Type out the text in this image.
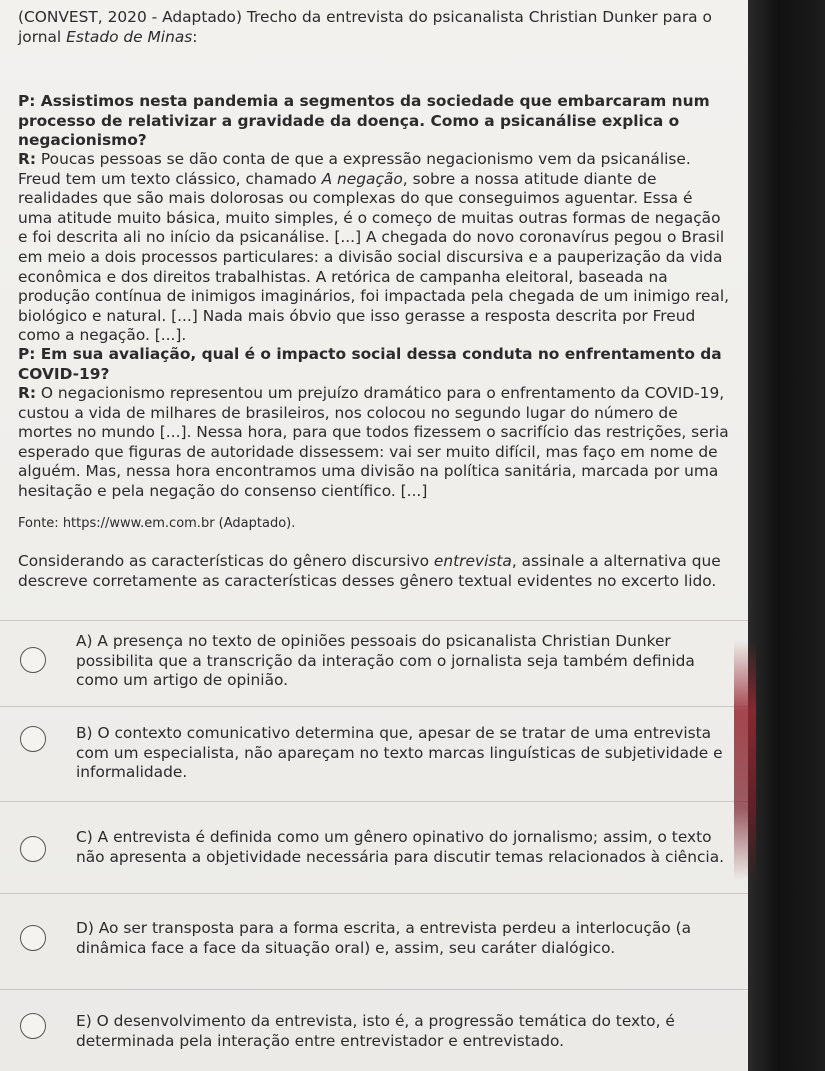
(CONVEST, 2020 - Adaptado) Trecho da entrevista do psicanalista Christian Dunker para o jornal Estado de Minas:
P: Assistimos nesta pandemia a segmentos da sociedade que embarcaram num processo de relativizar a gravidade da doença. Como a psicanálise explica o negacionismo?
R: Poucas pessoas se dão conta de que a expressão negacionismo vem da psicanálise. Freud tem um texto clássico, chamado A negação, sobre a nossa atitude diante de realidades que são mais dolorosas ou complexas do que conseguimos aguentar. Essa é uma atitude muito básica, muito simples, é o começo de muitas outras formas de negação e foi descrita ali no início da psicanálise. [...] A chegada do novo coronavírus pegou o Brasil em meio a dois processos particulares: a divisão social discursiva e a pauperização da vida econômica e dos direitos trabalhistas. A retórica de campanha eleitoral, baseada na produção contínua de inimigos imaginários, foi impactada pela chegada de um inimigo real, biológico e natural. [...] Nada mais óbvio que isso gerasse a resposta descrita por Freud como a negação. [...].
P: Em sua avaliação, qual é o impacto social dessa conduta no enfrentamento da COVID-19?
R: O negacionismo representou um prejuízo dramático para o enfrentamento da COVID-19, custou a vida de milhares de brasileiros, nos colocou no segundo lugar do número de mortes no mundo [...]. Nessa hora, para que todos fizessem o sacrifício das restrições, seria esperado que figuras de autoridade dissessem: vai ser muito difícil, mas faço em nome de alguém. Mas, nessa hora encontramos uma divisão na política sanitária, marcada por uma hesitação e pela negação do consenso científico. [...]
Fonte: https://www.em.com.br (Adaptado).
Considerando as características do gênero discursivo entrevista, assinale a alternativa que descreve corretamente as características desses gênero textual evidentes no excerto lido.
A) A presença no texto de opiniões pessoais do psicanalista Christian Dunker possibilita que a transcrição da interação com o jornalista seja também definida como um artigo de opinião.
B) O contexto comunicativo determina que, apesar de se tratar de uma entrevista com um especialista, não apareçam no texto marcas linguísticas de subjetividade e informalidade.
C) A entrevista é definida como um gênero opinativo do jornalismo; assim, o texto não apresenta a objetividade necessária para discutir temas relacionados à ciência.
D) Ao ser transposta para a forma escrita, a entrevista perdeu a interlocução (a dinâmica face a face da situação oral) e, assim, seu caráter dialógico.
E) O desenvolvimento da entrevista, isto é, a progressão temática do texto, é determinada pela interação entre entrevistador e entrevistado.
